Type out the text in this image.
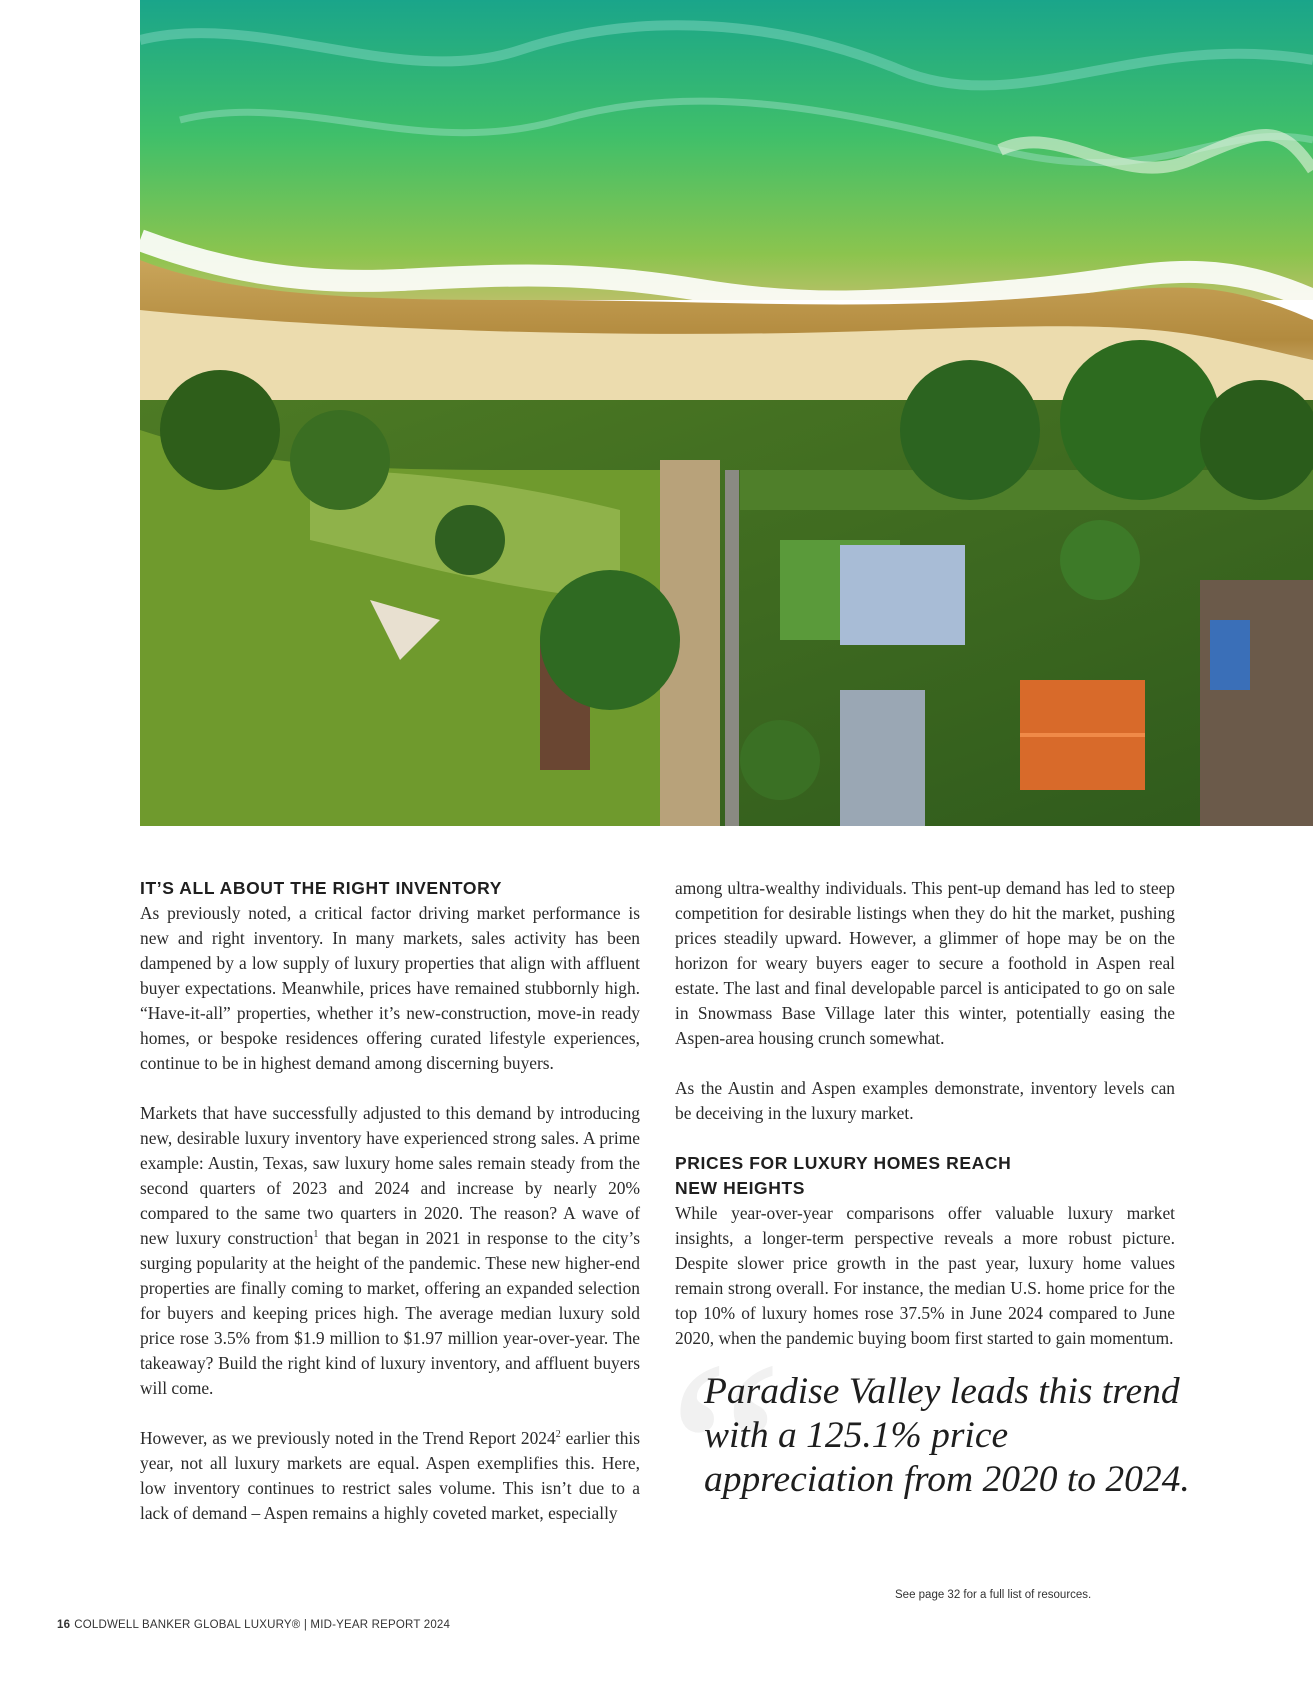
IT’S ALL ABOUT THE RIGHT INVENTORY

As previously noted, a critical factor driving market performance is new and right inventory. In many markets, sales activity has been dampened by a low supply of luxury properties that align with affluent buyer expectations. Meanwhile, prices have remained stubbornly high. “Have-it-all” properties, whether it’s new-construction, move-in ready homes, or bespoke residences offering curated lifestyle experiences, continue to be in highest demand among discerning buyers.

Markets that have successfully adjusted to this demand by introducing new, desirable luxury inventory have experienced strong sales. A prime example: Austin, Texas, saw luxury home sales remain steady from the second quarters of 2023 and 2024 and increase by nearly 20% compared to the same two quarters in 2020. The reason? A wave of new luxury construction$^1$ that began in 2021 in response to the city’s surging popularity at the height of the pandemic. These new higher-end properties are finally coming to market, offering an expanded selection for buyers and keeping prices high. The average median luxury sold price rose 3.5% from $1.9 million to $1.97 million year-over-year. The takeaway? Build the right kind of luxury inventory, and affluent buyers will come.

However, as we previously noted in the Trend Report 2024$^2$ earlier this year, not all luxury markets are equal. Aspen exemplifies this. Here, low inventory continues to restrict sales volume. This isn’t due to a lack of demand – Aspen remains a highly coveted market, especially

among ultra-wealthy individuals. This pent-up demand has led to steep competition for desirable listings when they do hit the market, pushing prices steadily upward. However, a glimmer of hope may be on the horizon for weary buyers eager to secure a foothold in Aspen real estate. The last and final developable parcel is anticipated to go on sale in Snowmass Base Village later this winter, potentially easing the Aspen-area housing crunch somewhat.

As the Austin and Aspen examples demonstrate, inventory levels can be deceiving in the luxury market.

PRICES FOR LUXURY HOMES REACH
NEW HEIGHTS

While year-over-year comparisons offer valuable luxury market insights, a longer-term perspective reveals a more robust picture. Despite slower price growth in the past year, luxury home values remain strong overall. For instance, the median U.S. home price for the top 10% of luxury homes rose 37.5% in June 2024 compared to June 2020, when the pandemic buying boom first started to gain momentum.

“

Paradise Valley leads this trend with a 125.1% price appreciation from 2020 to 2024.

See page 32 for a full list of resources.
16 COLDWELL BANKER GLOBAL LUXURY® | MID-YEAR REPORT 2024
